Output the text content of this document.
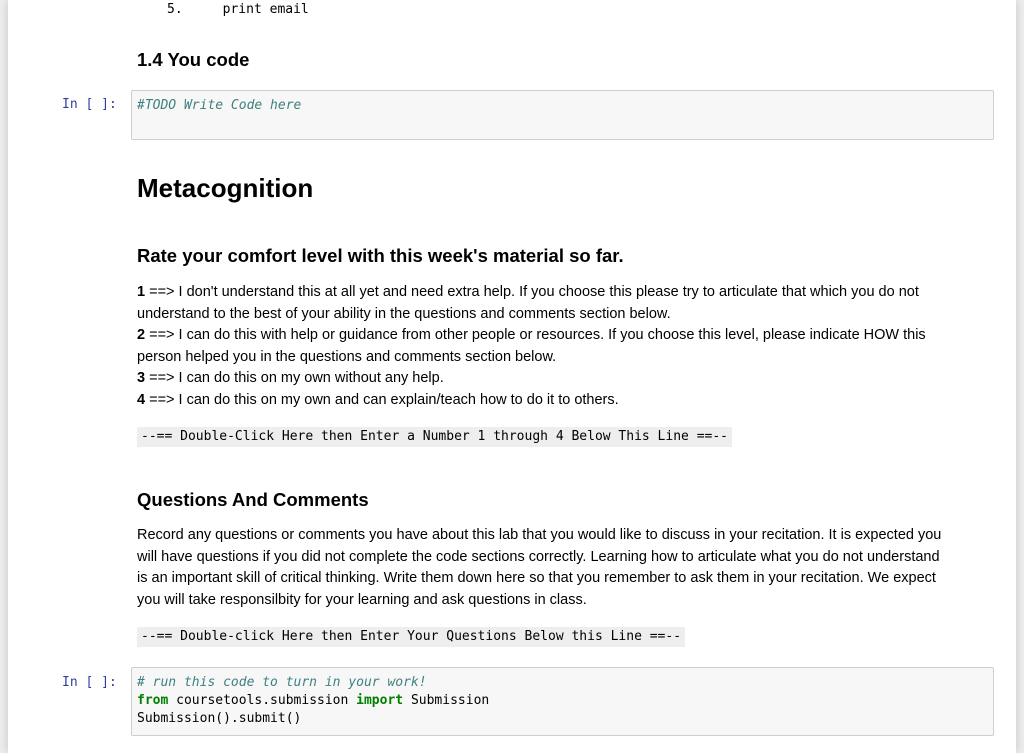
5.	print email
1.4 You code
In [ ]:	#TODO Write Code here
Metacognition
Rate your comfort level with this week's material so far.
1 ==> I don't understand this at all yet and need extra help. If you choose this please try to articulate that which you do not
understand to the best of your ability in the questions and comments section below.
2 ==> I can do this with help or guidance from other people or resources. If you choose this level, please indicate HOW this
person helped you in the questions and comments section below.
3 ==> I can do this on my own without any help.
4 ==> I can do this on my own and can explain/teach how to do it to others.
--== Double-Click Here then Enter a Number 1 through 4 Below This Line ==--
Questions And Comments
Record any questions or comments you have about this lab that you would like to discuss in your recitation. It is expected you
will have questions if you did not complete the code sections correctly. Learning how to articulate what you do not understand
is an important skill of critical thinking. Write them down here so that you remember to ask them in your recitation. We expect
you will take responsilbity for your learning and ask questions in class.
--== Double-click Here then Enter Your Questions Below this Line ==--
In [ ]:	# run this code to turn in your work!
from coursetools.submission import Submission
Submission().submit()
